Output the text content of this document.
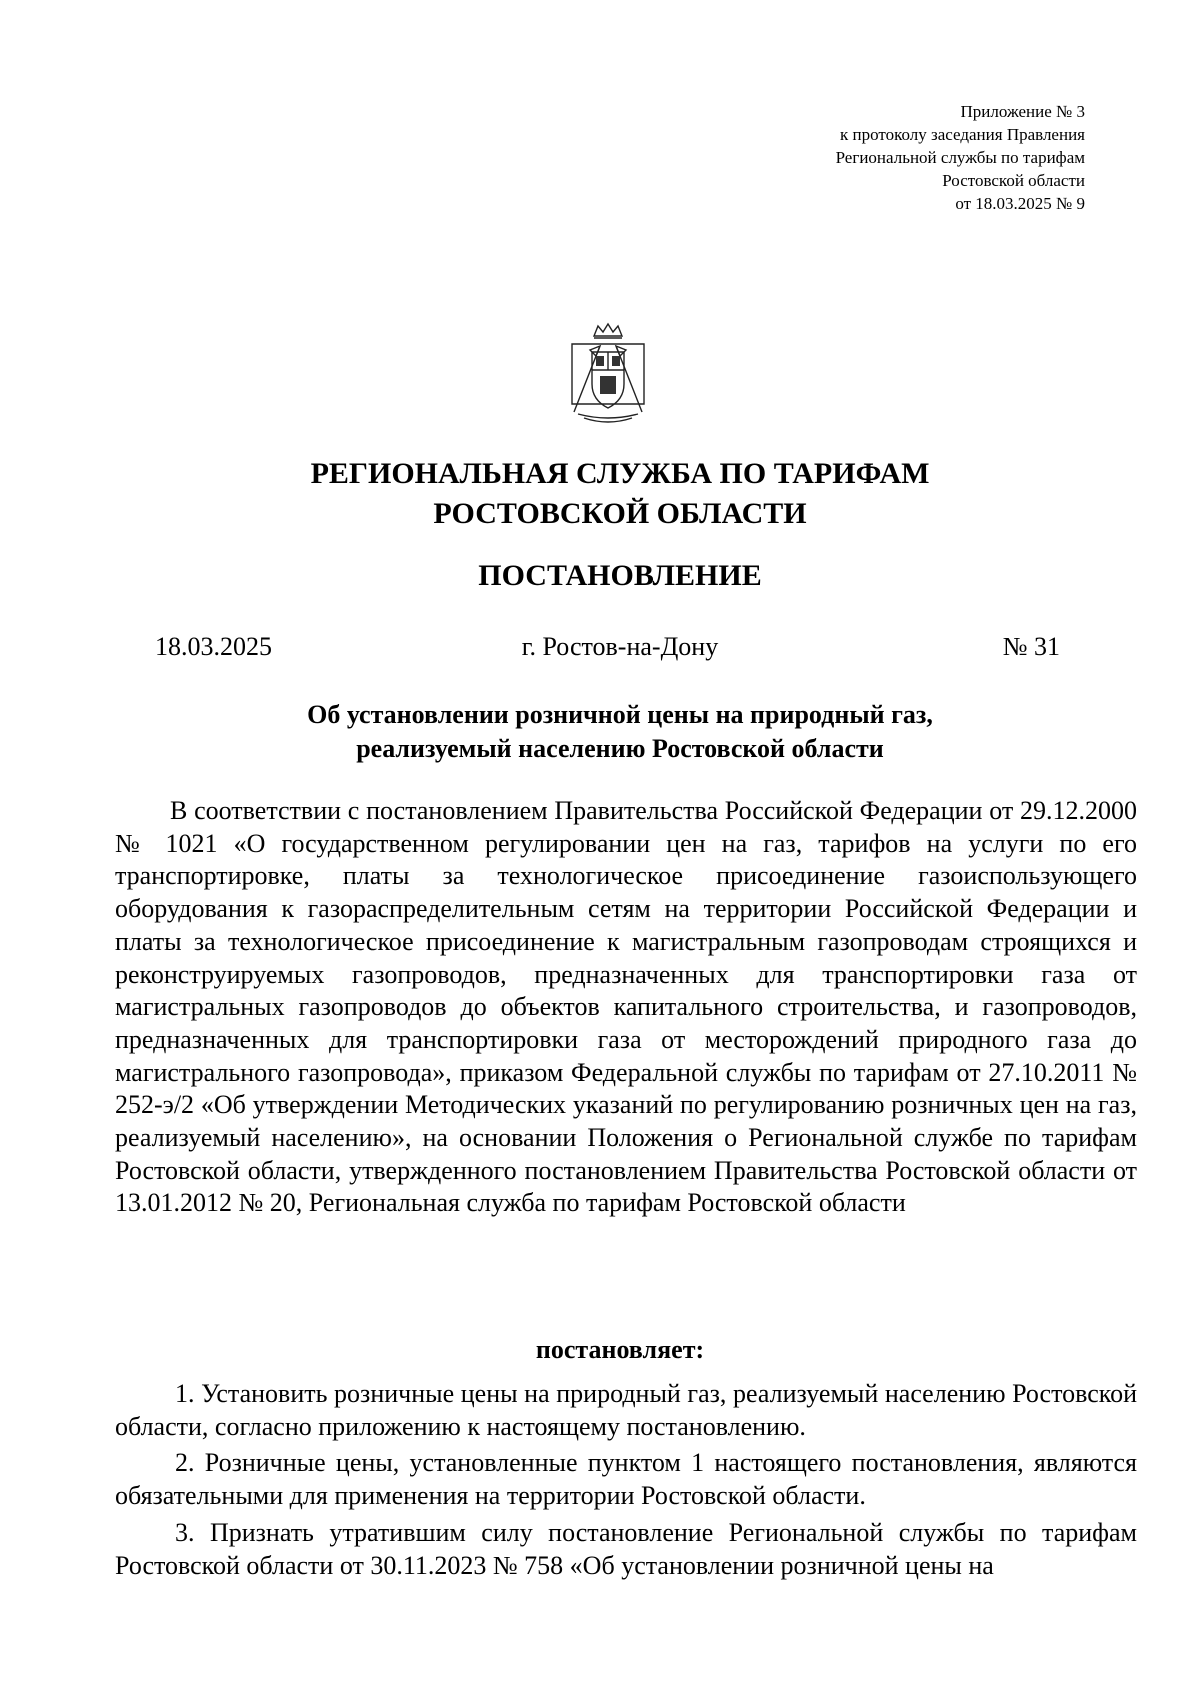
Приложение № 3
к протоколу заседания Правления
Региональной службы по тарифам
Ростовской области
от 18.03.2025 № 9
РЕГИОНАЛЬНАЯ СЛУЖБА ПО ТАРИФАМ
РОСТОВСКОЙ ОБЛАСТИ
ПОСТАНОВЛЕНИЕ
18.03.2025	г. Ростов-на-Дону	№ 31
Об установлении розничной цены на природный газ,
реализуемый населению Ростовской области
В соответствии с постановлением Правительства Российской Федерации от 29.12.2000 № 1021 «О государственном регулировании цен на газ, тарифов на услуги по его транспортировке, платы за технологическое присоединение газоиспользующего оборудования к газораспределительным сетям на территории Российской Федерации и платы за технологическое присоединение к магистральным газопроводам строящихся и реконструируемых газопроводов, предназначенных для транспортировки газа от магистральных газопроводов до объектов капитального строительства, и газопроводов, предназначенных для транспортировки газа от месторождений природного газа до магистрального газопровода», приказом Федеральной службы по тарифам от 27.10.2011 № 252-э/2 «Об утверждении Методических указаний по регулированию розничных цен на газ, реализуемый населению», на основании Положения о Региональной службе по тарифам Ростовской области, утвержденного постановлением Правительства Ростовской области от 13.01.2012 № 20, Региональная служба по тарифам Ростовской области
постановляет:

1. Установить розничные цены на природный газ, реализуемый населению Ростовской области, согласно приложению к настоящему постановлению.

2. Розничные цены, установленные пунктом 1 настоящего постановления, являются обязательными для применения на территории Ростовской области.

3. Признать утратившим силу постановление Региональной службы по тарифам Ростовской области от 30.11.2023 № 758 «Об установлении розничной цены на
